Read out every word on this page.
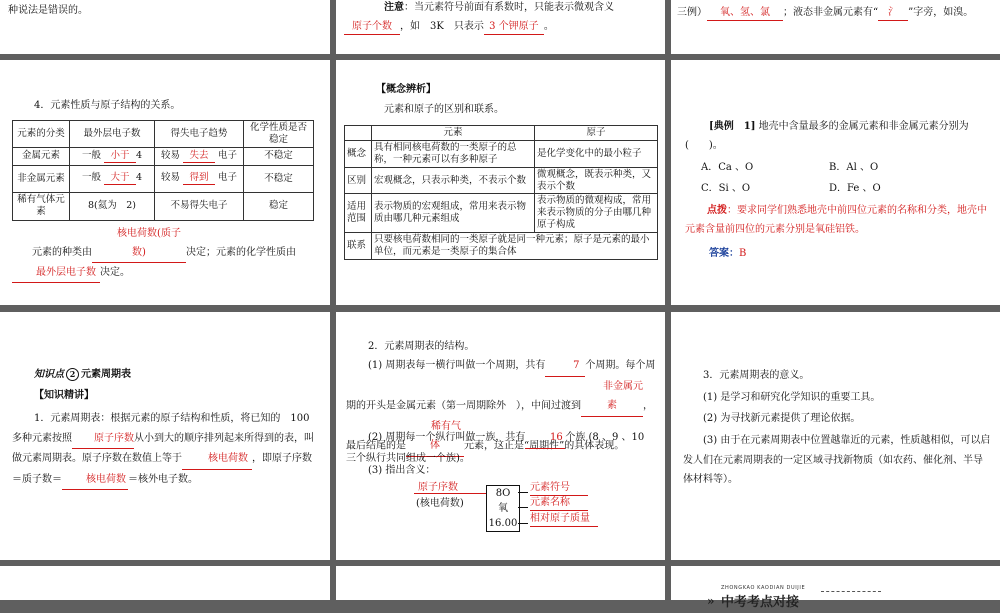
种说法是错误的。	注意：当元素符号前面有系数时，只能表示微观含义

原子个数 ，如　3K　只表示 3 个钾原子 。

三例） 氧、氢、氯 ；液态非金属元素有“ 氵 ”字旁，如溴。

4．元素性质与原子结构的关系。

元素的分类	最外层电子数	得失电子趋势	化学性质是否稳定
金属元素	一般 小于 4	较易 失去 电子	不稳定
非金属元素	一般 大于 4	较易 得到 电子	不稳定
稀有气体元素	8(氦为　2)	不易得失电子	稳定

元素的种类由核电荷数(质子数)	决定；元素的化学性质由最外层电子数 决定。

【概念辨析】

元素和原子的区别和联系。

	元素	原子
概念	具有相同核电荷数的一类原子的总称，一种元素可以有多种原子	是化学变化中的最小粒子
区别	宏观概念，只表示种类，不表示个数	微观概念，既表示种类，又表示个数
适用范围	表示物质的宏观组成，常用来表示物质由哪几种元素组成	表示物质的微观构成，常用来表示物质的分子由哪几种原子构成
联系	只要核电荷数相同的一类原子就是同一种元素；原子是元素的最小单位，而元素是一类原子的集合体	

[典例　1] 地壳中含量最多的金属元素和非金属元素分别为 (　　)。

A．Ca 、O	B．Al 、O

C．Si 、O	D．Fe 、O

点拨：要求同学们熟悉地壳中前四位元素的名称和分类，地壳中元素含量前四位的元素分别是氧硅铝铁。

答案：B

知识点 2 元素周期表

【知识精讲】

1．元素周期表：根据元素的原子结构和性质，将已知的　100　多种元素按照 原子序数从小到大的顺序排列起来所得到的表，叫做元素周期表。原子序数在数值上等于	核电荷数 ，即原子序数＝质子数＝ 核电荷数 ＝核外电子数。

2．元素周期表的结构。

(1) 周期表每一横行叫做一个周期，共有	7 个周期。每个周期的开头是金属元素（第一周期除外　），中间过渡到非金属元素	，最后结尾的是稀有气体 元素，这正是“周期性”的具体表现。

(2) 周期每一个纵行叫做一族，共有 16 个族 (8 、9 、10　三个纵行共同组成一个族)。

(3) 指出含义：

原子序数
(核电荷数)
8O
氧
16.00
元素符号
元素名称
相对原子质量

3．元素周期表的意义。

(1) 是学习和研究化学知识的重要工具。

(2) 为寻找新元素提供了理论依据。

(3) 由于在元素周期表中位置越靠近的元素，性质越相似，可以启发人们在元素周期表的一定区域寻找新物质（如农药、催化剂、半导体材料等）。

»
ZHONGKAO KAODIAN DUIJIE
中考考点对接
